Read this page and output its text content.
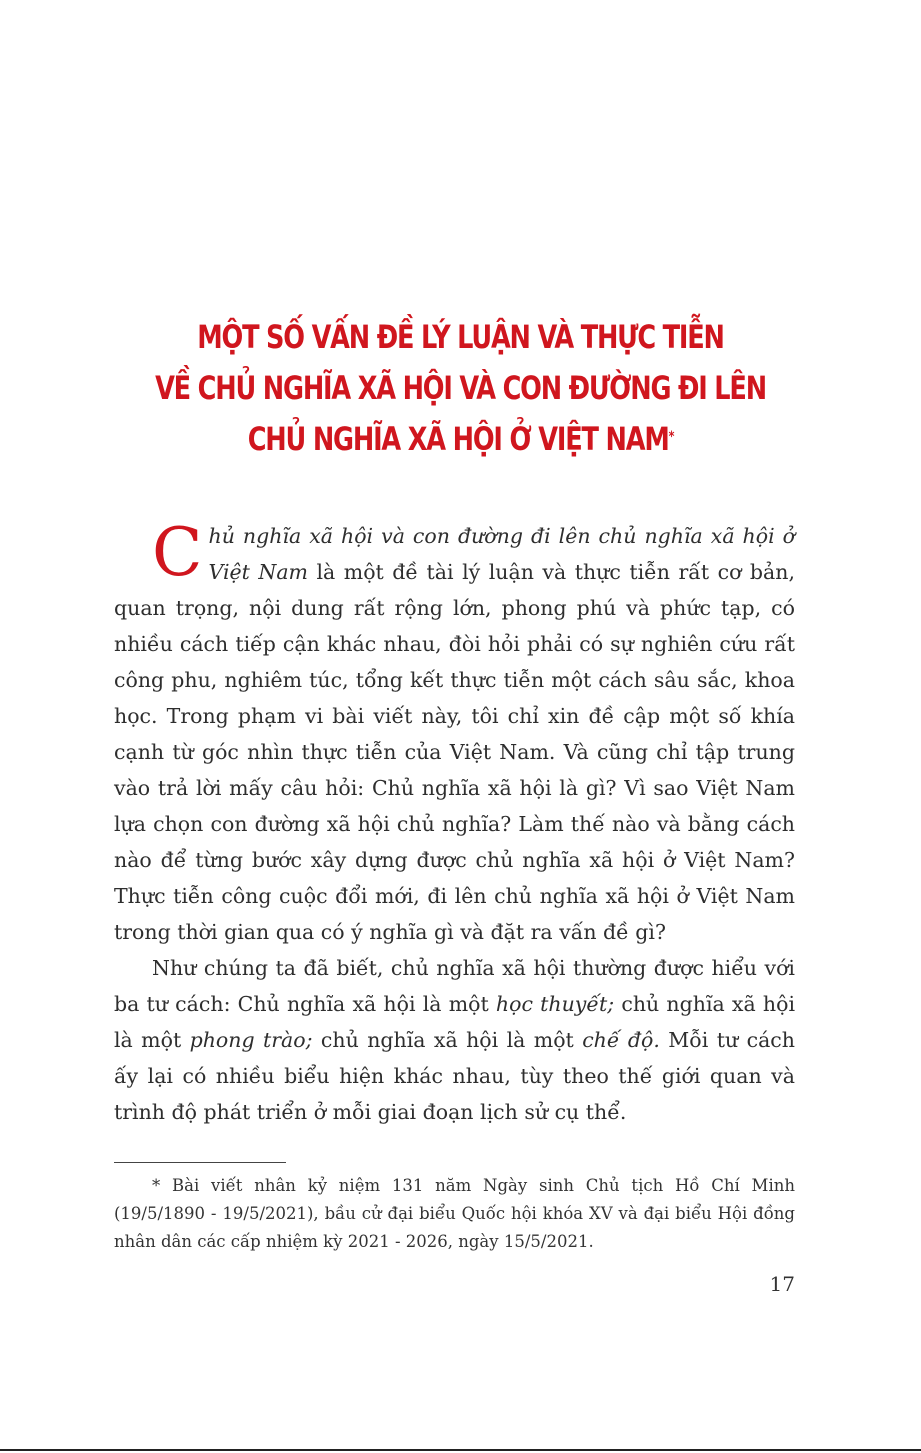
MỘT SỐ VẤN ĐỀ LÝ LUẬN VÀ THỰC TIỄN
VỀ CHỦ NGHĨA XÃ HỘI VÀ CON ĐƯỜNG ĐI LÊN
CHỦ NGHĨA XÃ HỘI Ở VIỆT NAM*

Chủ nghĩa xã hội và con đường đi lên chủ nghĩa xã hội ở Việt Nam là một đề tài lý luận và thực tiễn rất cơ bản, quan trọng, nội dung rất rộng lớn, phong phú và phức tạp, có nhiều cách tiếp cận khác nhau, đòi hỏi phải có sự nghiên cứu rất công phu, nghiêm túc, tổng kết thực tiễn một cách sâu sắc, khoa học. Trong phạm vi bài viết này, tôi chỉ xin đề cập một số khía cạnh từ góc nhìn thực tiễn của Việt Nam. Và cũng chỉ tập trung vào trả lời mấy câu hỏi: Chủ nghĩa xã hội là gì? Vì sao Việt Nam lựa chọn con đường xã hội chủ nghĩa? Làm thế nào và bằng cách nào để từng bước xây dựng được chủ nghĩa xã hội ở Việt Nam? Thực tiễn công cuộc đổi mới, đi lên chủ nghĩa xã hội ở Việt Nam trong thời gian qua có ý nghĩa gì và đặt ra vấn đề gì?

Như chúng ta đã biết, chủ nghĩa xã hội thường được hiểu với ba tư cách: Chủ nghĩa xã hội là một học thuyết; chủ nghĩa xã hội là một phong trào; chủ nghĩa xã hội là một chế độ. Mỗi tư cách ấy lại có nhiều biểu hiện khác nhau, tùy theo thế giới quan và trình độ phát triển ở mỗi giai đoạn lịch sử cụ thể.

* Bài viết nhân kỷ niệm 131 năm Ngày sinh Chủ tịch Hồ Chí Minh (19/5/1890 - 19/5/2021), bầu cử đại biểu Quốc hội khóa XV và đại biểu Hội đồng nhân dân các cấp nhiệm kỳ 2021 - 2026, ngày 15/5/2021.

17
